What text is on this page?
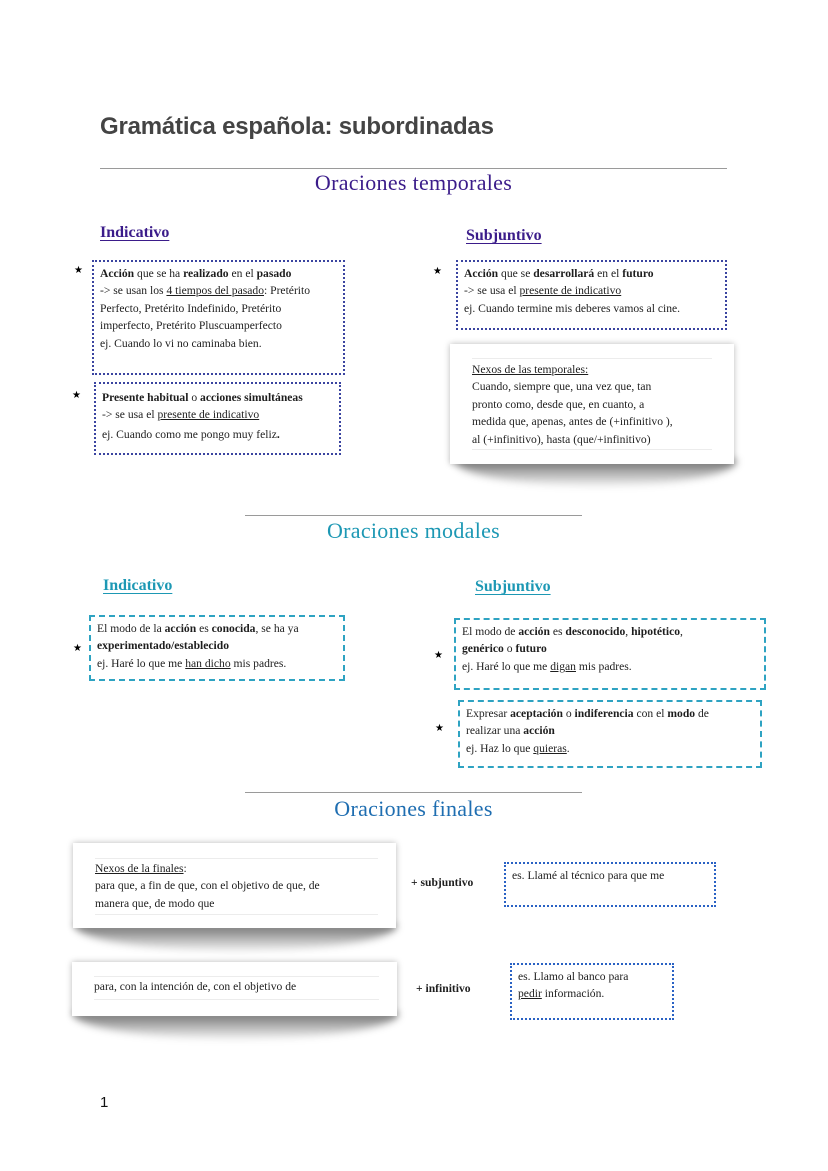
Gramática española: subordinadas
Oraciones temporales
Indicativo	Subjuntivo
★ Acción que se ha realizado en el pasado
-> se usan los 4 tiempos del pasado: Pretérito
Perfecto, Pretérito Indefinido, Pretérito
imperfecto, Pretérito Pluscuamperfecto
ej. Cuando lo vi no caminaba bien.
★ Presente habitual o acciones simultáneas
-> se usa el presente de indicativo
ej. Cuando como me pongo muy feliz.
★ Acción que se desarrollará en el futuro
-> se usa el presente de indicativo
ej. Cuando termine mis deberes vamos al cine.
Nexos de las temporales:
Cuando, siempre que, una vez que, tan
pronto como, desde que, en cuanto, a
medida que, apenas, antes de (+infinitivo ),
al (+infinitivo), hasta (que/+infinitivo)
Oraciones modales
Indicativo	Subjuntivo
★
El modo de la acción es conocida, se ha ya
experimentado/establecido
ej. Haré lo que me han dicho mis padres.
★
El modo de acción es desconocido, hipotético,
genérico o futuro
ej. Haré lo que me digan mis padres.
★
Expresar aceptación o indiferencia con el modo de
realizar una acción
ej. Haz lo que quieras.
Oraciones finales
Nexos de la finales:
para que, a fin de que, con el objetivo de que, de
manera que, de modo que
+ subjuntivo
es. Llamé al técnico para que me
para, con la intención de, con el objetivo de	+ infinitivo
es. Llamo al banco para
pedir información.
1
